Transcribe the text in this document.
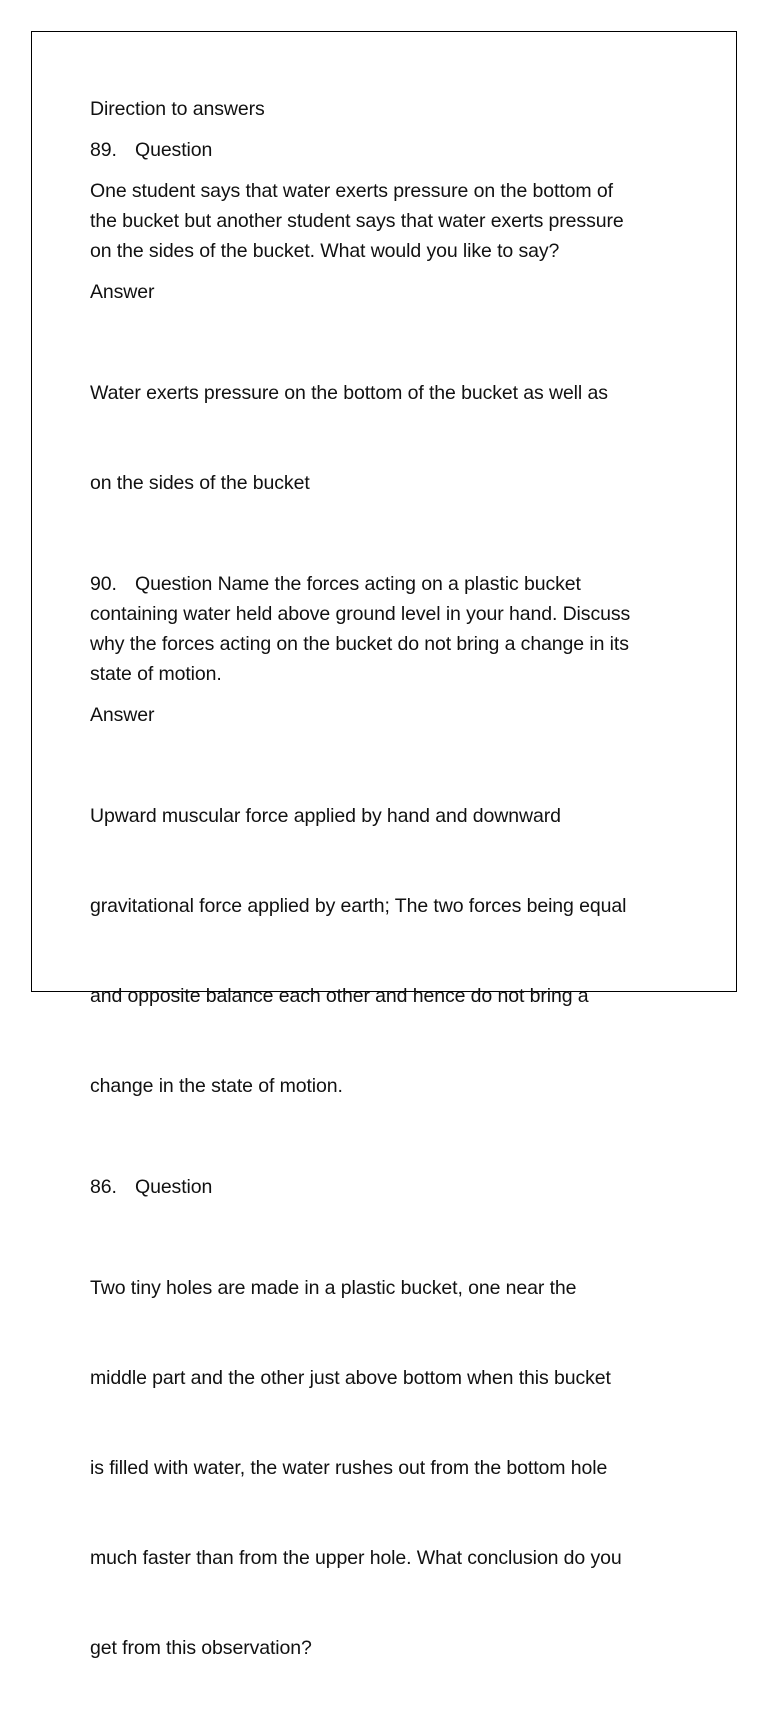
Direction to answers

89. Question

One student says that water exerts pressure on the bottom of
the bucket but another student says that water exerts pressure
on the sides of the bucket. What would you like to say?

Answer

Water exerts pressure on the bottom of the bucket as well as

on the sides of the bucket

90. Question Name the forces acting on a plastic bucket
containing water held above ground level in your hand. Discuss
why the forces acting on the bucket do not bring a change in its
state of motion.

Answer

Upward muscular force applied by hand and downward

gravitational force applied by earth; The two forces being equal

and opposite balance each other and hence do not bring a

change in the state of motion.

86. Question

Two tiny holes are made in a plastic bucket, one near the

middle part and the other just above bottom when this bucket

is filled with water, the water rushes out from the bottom hole

much faster than from the upper hole. What conclusion do you

get from this observation?
